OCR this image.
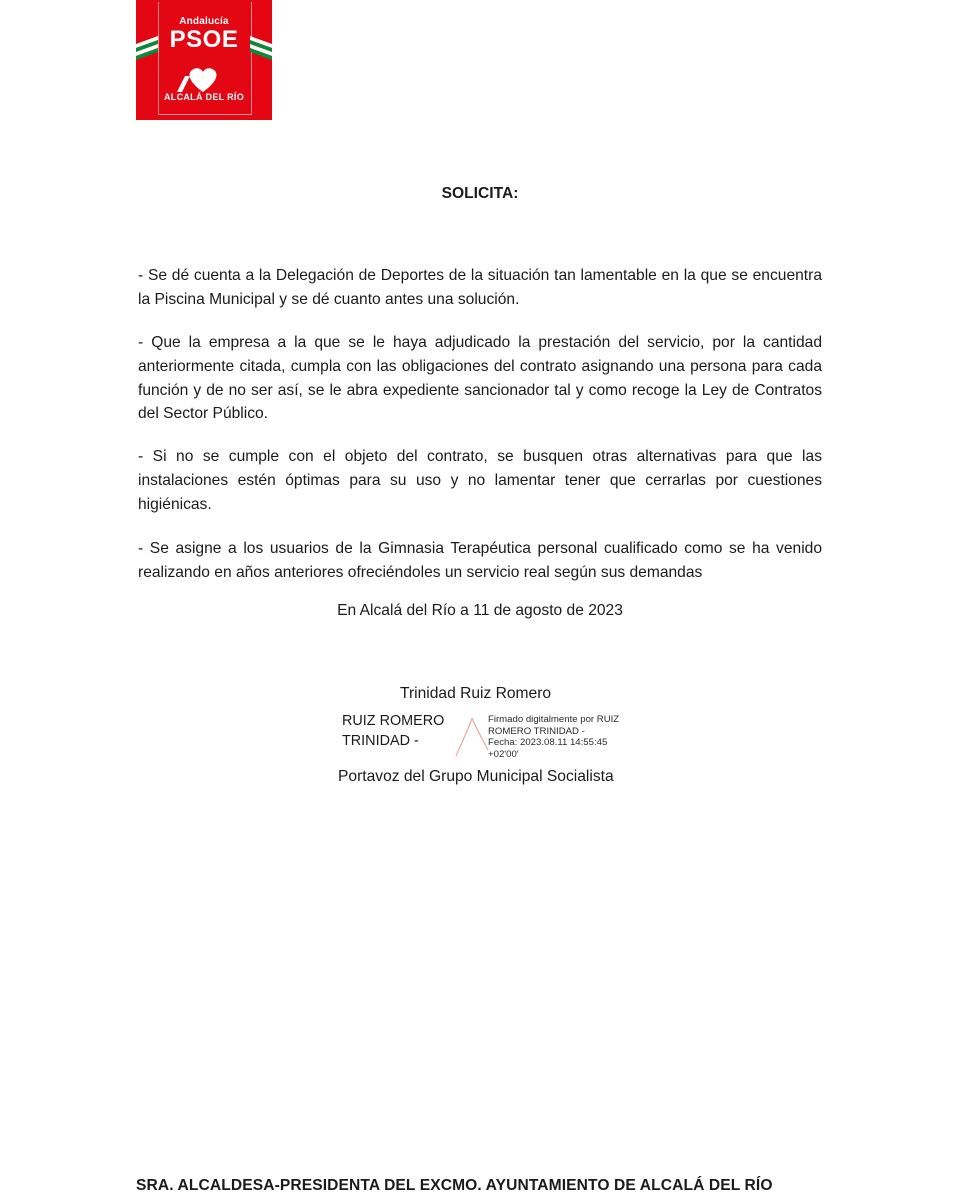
Andalucía
PSOE
ALCALÁ DEL RÍO
SOLICITA:

- Se dé cuenta a la Delegación de Deportes de la situación tan lamentable en la que se encuentra la Piscina Municipal y se dé cuanto antes una solución.

- Que la empresa a la que se le haya adjudicado la prestación del servicio, por la cantidad anteriormente citada, cumpla con las obligaciones del contrato asignando una persona para cada función y de no ser así, se le abra expediente sancionador tal y como recoge la Ley de Contratos del Sector Público.

- Si no se cumple con el objeto del contrato, se busquen otras alternativas para que las instalaciones estén óptimas para su uso y no lamentar tener que cerrarlas por cuestiones higiénicas.

- Se asigne a los usuarios de la Gimnasia Terapéutica personal cualificado como se ha venido realizando en años anteriores ofreciéndoles un servicio real según sus demandas

En Alcalá del Río a 11 de agosto de 2023
Trinidad Ruiz Romero
RUIZ ROMERO
TRINIDAD -
Firmado digitalmente por RUIZ
ROMERO TRINIDAD -
Fecha: 2023.08.11 14:55:45
+02'00'
Portavoz del Grupo Municipal Socialista
SRA. ALCALDESA-PRESIDENTA DEL EXCMO. AYUNTAMIENTO DE ALCALÁ DEL RÍO
